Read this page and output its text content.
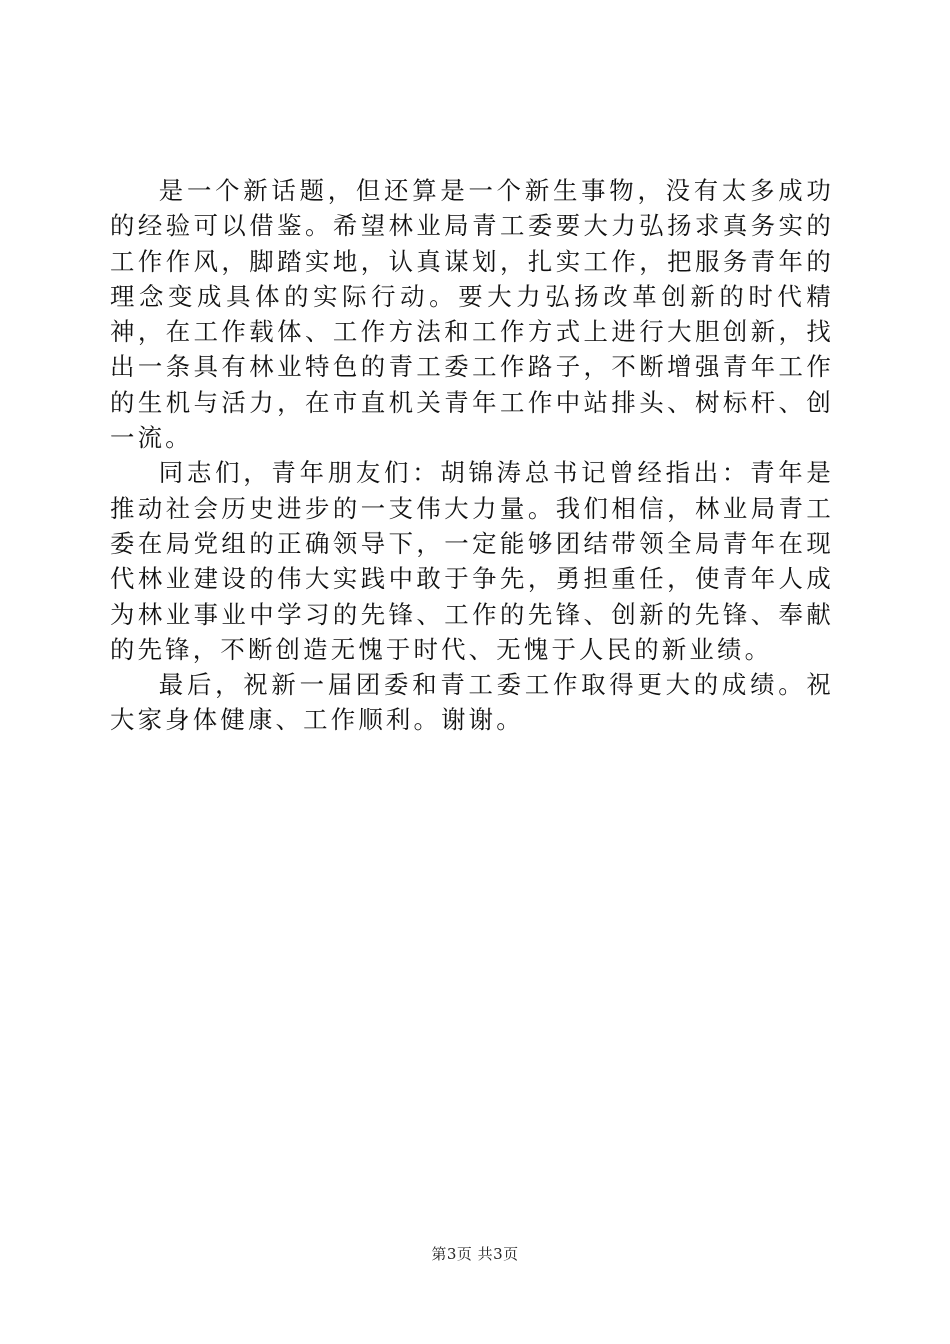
是一个新话题，但还算是一个新生事物，没有太多成功的经验可以借鉴。希望林业局青工委要大力弘扬求真务实的工作作风，脚踏实地，认真谋划，扎实工作，把服务青年的理念变成具体的实际行动。要大力弘扬改革创新的时代精神，在工作载体、工作方法和工作方式上进行大胆创新，找出一条具有林业特色的青工委工作路子，不断增强青年工作的生机与活力，在市直机关青年工作中站排头、树标杆、创一流。

同志们，青年朋友们：胡锦涛总书记曾经指出：青年是推动社会历史进步的一支伟大力量。我们相信，林业局青工委在局党组的正确领导下，一定能够团结带领全局青年在现代林业建设的伟大实践中敢于争先，勇担重任，使青年人成为林业事业中学习的先锋、工作的先锋、创新的先锋、奉献的先锋，不断创造无愧于时代、无愧于人民的新业绩。

最后，祝新一届团委和青工委工作取得更大的成绩。祝大家身体健康、工作顺利。谢谢。

第3页 共3页
